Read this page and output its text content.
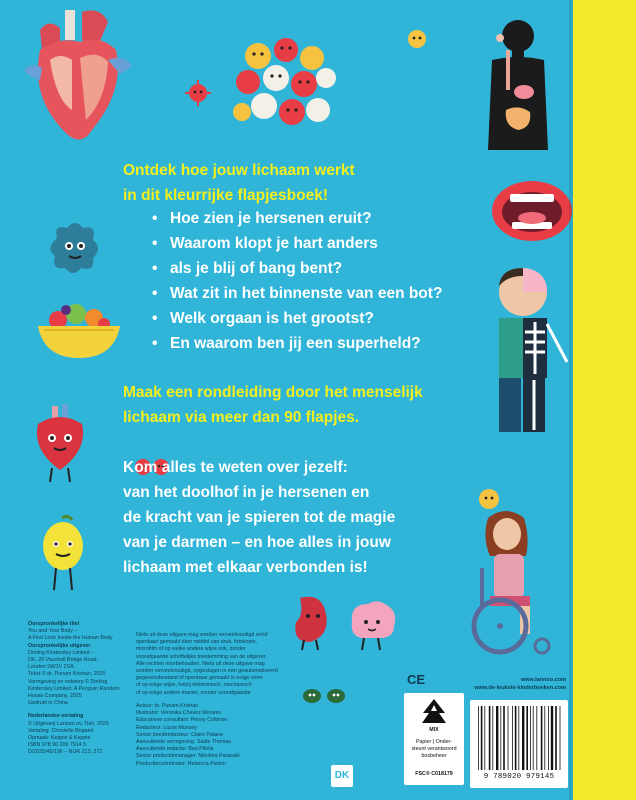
Ontdek hoe jouw lichaam werkt
in dit kleurrijke flapjesboek!
• Hoe zien je hersenen eruit?
• Waarom klopt je hart anders
• als je blij of bang bent?
• Wat zit in het binnenste van een bot?
• Welk orgaan is het grootst?
• En waarom ben jij een superheld?
Maak een rondleiding door het menselijk
lichaam via meer dan 90 flapjes.
Kom alles te weten over jezelf:
van het doolhof in je hersenen en
de kracht van je spieren tot de magie
van je darmen – en hoe alles in jouw
lichaam met elkaar verbonden is!
Oorspronkelijke titel
You and Your Body –
A First Look Inside the Human Body
Oorspronkelijke uitgever
Dorling Kindersley Limited –
DK, 20 Vauxhall Bridge Road,
London SW1V 2SA
Tekst © dr. Punam Krishan, 2025
Vormgeving en ontwerp © Dorling
Kindersley Limited. A Penguin Random
House Company, 2025
Gedrukt in China
Nederlandse vertaling
© Uitgeverij Lannoo nv, Tielt, 2025
Vertaling: Christelle Bogaert
Opmaak: Keppie & Keppie
ISBN 978 90 209 7914 5
D/2025/45/196 – NUR 213, 272
Niets uit deze uitgave mag worden verveelvoudigd en/of
openbaar gemaakt door middel van druk, fotokopie,
microfilm of op welke andere wijze ook, zonder
voorafgaande schriftelijke toestemming van de uitgever.
Alle rechten voorbehouden. Niets uit deze uitgave mag
worden verveelvoudigd, opgeslagen in een geautomatiseerd
gegevensbestand of openbaar gemaakt in enige vorm
of op enige wijze, hetzij elektronisch, mechanisch
of op enige andere manier, zonder voorafgaande
Auteur: dr. Punam Krishan
Illustrator: Veronika Chavez Morales
Educatieve consultant: Penny Coltman
Redacteur: Lizzie Munsey
Senior beeldredacteur: Claire Patane
Aanvullende vormgeving: Sadie Thomas
Aanvullende redactie: Bea Pillela
Senior productiemanager: Nikoleta Parasaki
Productiecoördinator: Rebecca Parton
CE	www.lannoo.com
www.de-leukste-kinderboeken.com
MIX
Papier | Onder-
steunt verantwoord
bosbeheer
FSC® C018179	9 789020 979145
DK
